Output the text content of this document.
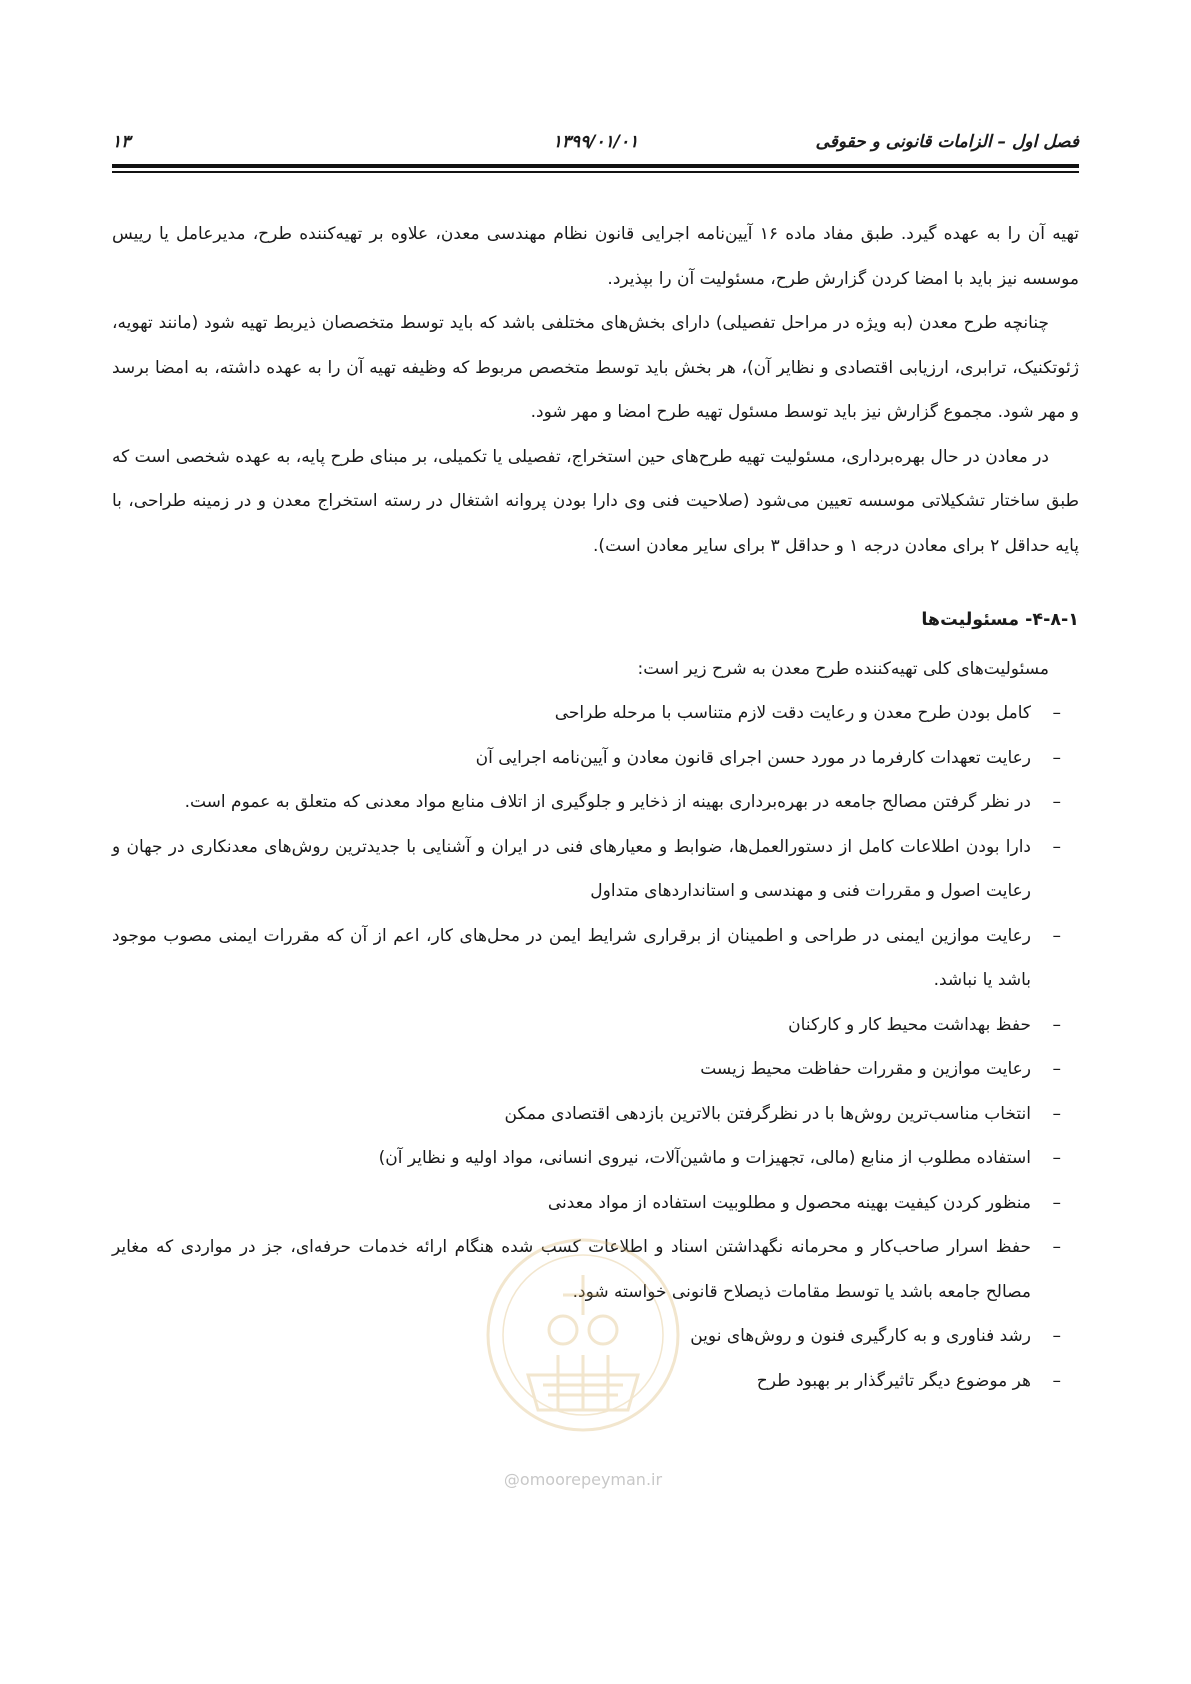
فصل اول – الزامات قانونی و حقوقی
۱۳۹۹/۰۱/۰۱
۱۳

تهیه آن را به عهده گیرد. طبق مفاد ماده ۱۶ آیین‌نامه اجرایی قانون نظام مهندسی معدن، علاوه بر تهیه‌کننده طرح، مدیرعامل یا رییس موسسه نیز باید با امضا کردن گزارش طرح، مسئولیت آن را بپذیرد.

چنانچه طرح معدن (به ویژه در مراحل تفصیلی) دارای بخش‌های مختلفی باشد که باید توسط متخصصان ذیربط تهیه شود (مانند تهویه، ژئوتکنیک، ترابری، ارزیابی اقتصادی و نظایر آن)، هر بخش باید توسط متخصص مربوط که وظیفه تهیه آن را به عهده داشته، به امضا برسد و مهر شود. مجموع گزارش نیز باید توسط مسئول تهیه طرح امضا و مهر شود.

در معادن در حال بهره‌برداری، مسئولیت تهیه طرح‌های حین استخراج، تفصیلی یا تکمیلی، بر مبنای طرح پایه، به عهده شخصی است که طبق ساختار تشکیلاتی موسسه تعیین می‌شود (صلاحیت فنی وی دارا بودن پروانه اشتغال در رسته استخراج معدن و در زمینه طراحی، با پایه حداقل ۲ برای معادن درجه ۱ و حداقل ۳ برای سایر معادن است).

۴-۸-۱- مسئولیت‌ها

مسئولیت‌های کلی تهیه‌کننده طرح معدن به شرح زیر است:

–
کامل بودن طرح معدن و رعایت دقت لازم متناسب با مرحله طراحی
–
رعایت تعهدات کارفرما در مورد حسن اجرای قانون معادن و آیین‌نامه اجرایی آن
–
در نظر گرفتن مصالح جامعه در بهره‌برداری بهینه از ذخایر و جلوگیری از اتلاف منابع مواد معدنی که متعلق به عموم است.
–
دارا بودن اطلاعات کامل از دستورالعمل‌ها، ضوابط و معیارهای فنی در ایران و آشنایی با جدیدترین روش‌های معدنکاری در جهان و رعایت اصول و مقررات فنی و مهندسی و استانداردهای متداول
–
رعایت موازین ایمنی در طراحی و اطمینان از برقراری شرایط ایمن در محل‌های کار، اعم از آن که مقررات ایمنی مصوب موجود باشد یا نباشد.
–
حفظ بهداشت محیط کار و کارکنان
–
رعایت موازین و مقررات حفاظت محیط زیست
–
انتخاب مناسب‌ترین روش‌ها با در نظرگرفتن بالاترین بازدهی اقتصادی ممکن
–
استفاده مطلوب از منابع (مالی، تجهیزات و ماشین‌آلات، نیروی انسانی، مواد اولیه و نظایر آن)
–
منظور کردن کیفیت بهینه محصول و مطلوبیت استفاده از مواد معدنی
–
حفظ اسرار صاحب‌کار و محرمانه نگهداشتن اسناد و اطلاعات کسب شده هنگام ارائه خدمات حرفه‌ای، جز در مواردی که مغایر مصالح جامعه باشد یا توسط مقامات ذیصلاح قانونی خواسته شود.
–
رشد فناوری و به کارگیری فنون و روش‌های نوین
–
هر موضوع دیگر تاثیرگذار بر بهبود طرح
@omoorepeyman.ir
